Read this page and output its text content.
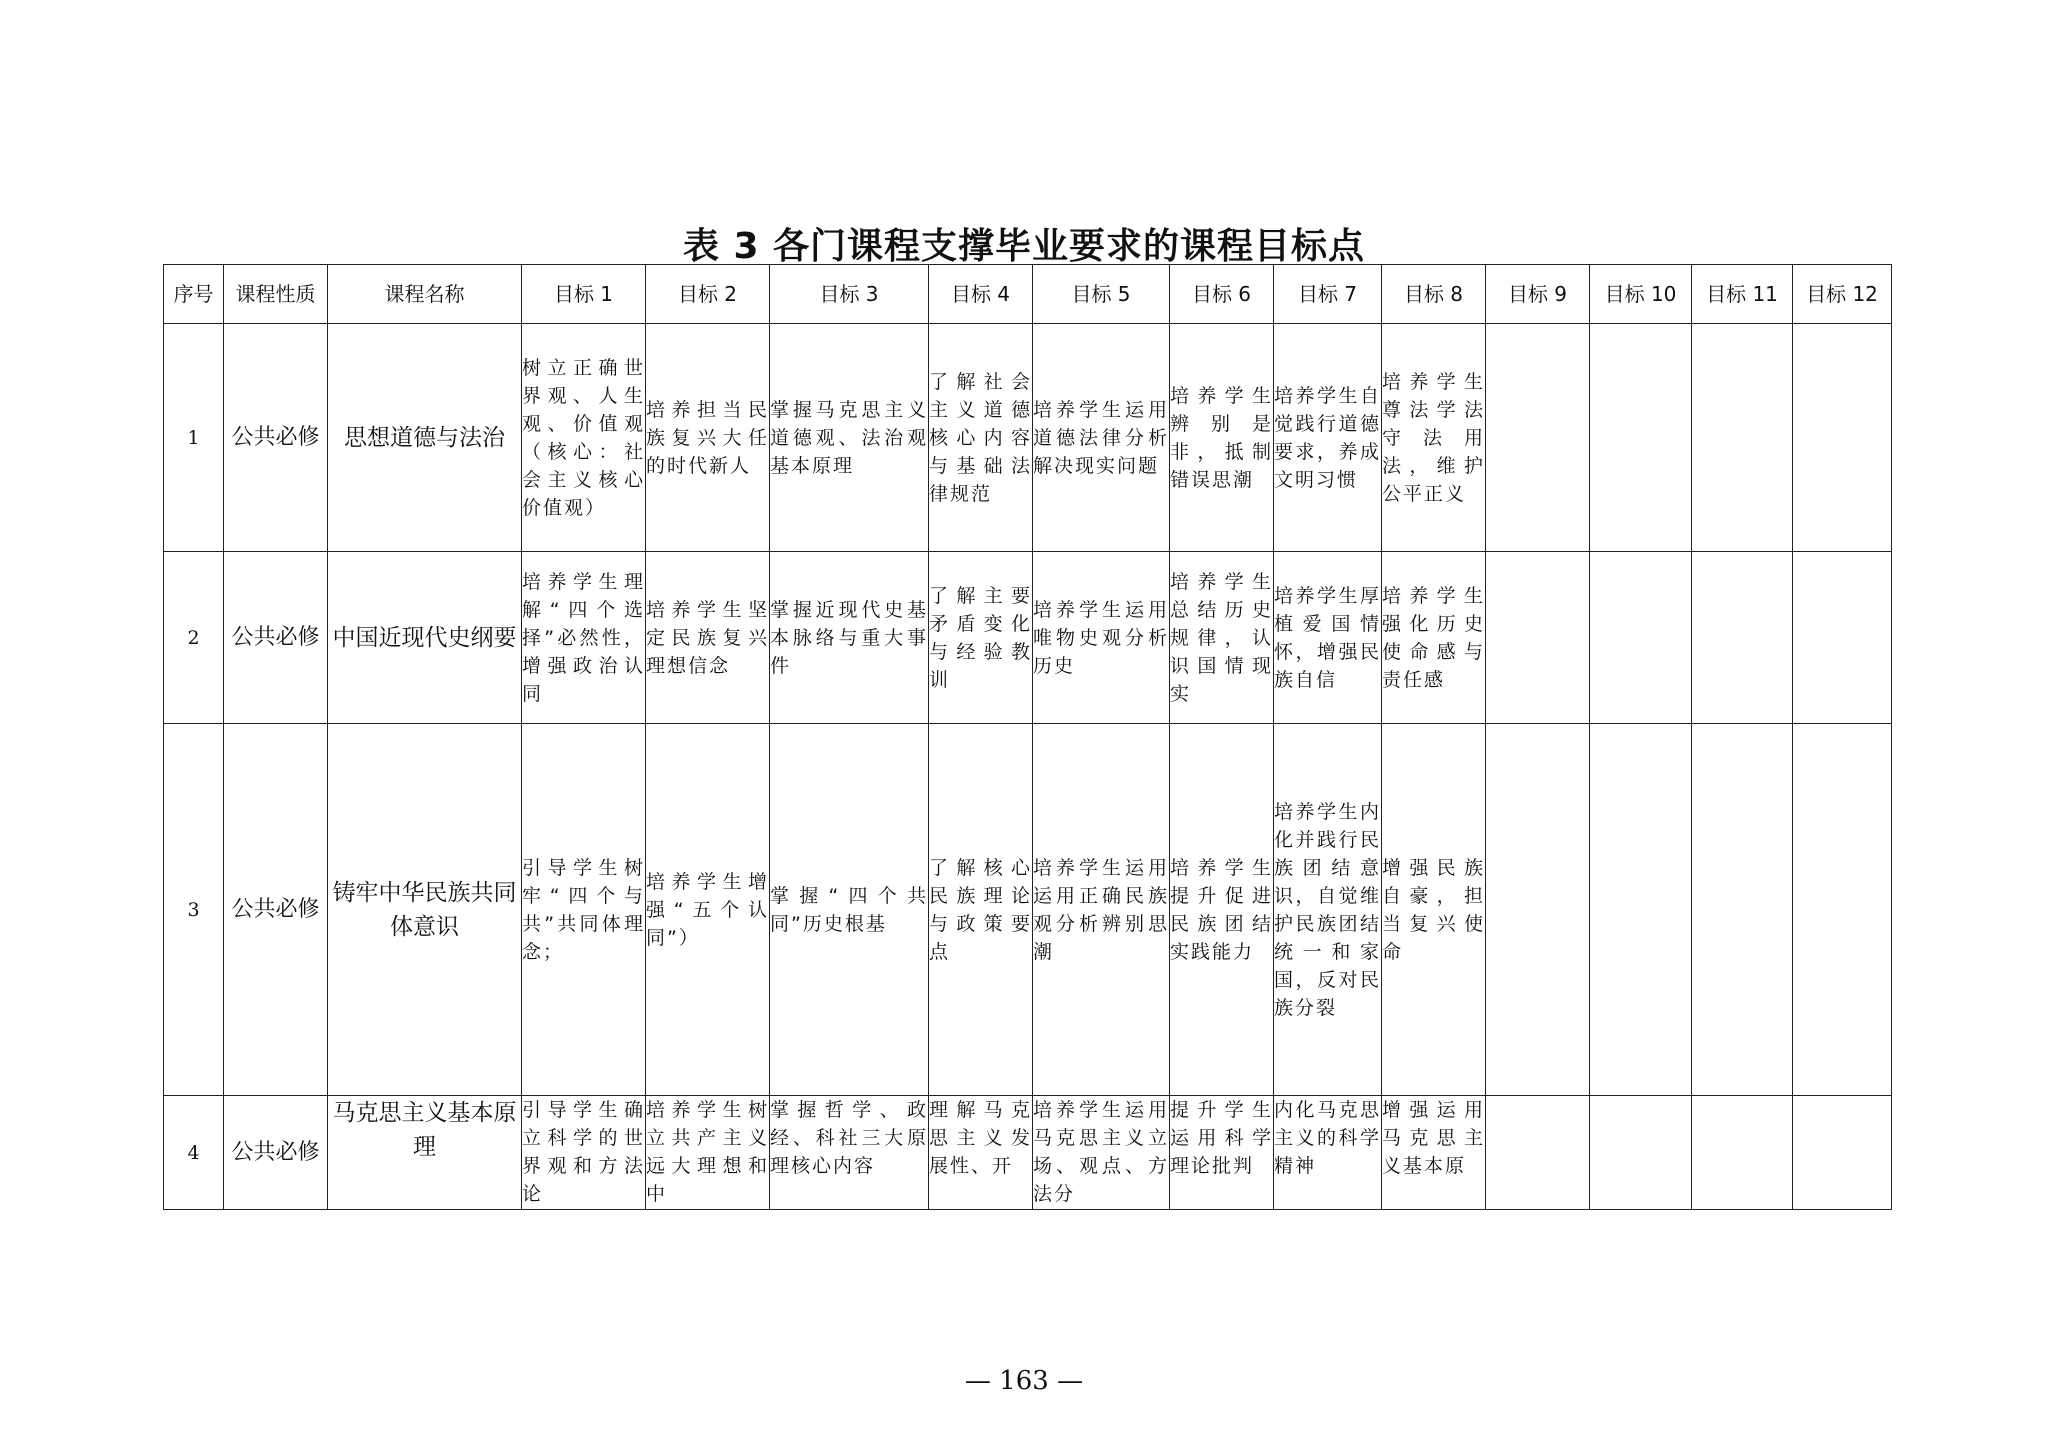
表 3 各门课程支撑毕业要求的课程目标点
序号	课程性质	课程名称	目标 1	目标 2	目标 3	目标 4	目标 5	目标 6	目标 7	目标 8	目标 9	目标 10	目标 11	目标 12
1	公共必修	思想道德与法治	树立正确世界观、人生观、价值观（核心：社会主义核心价值观）	培养担当民族复兴大任的时代新人	掌握马克思主义道德观、法治观基本原理	了解社会主义道德核心内容与基础法律规范	培养学生运用道德法律分析解决现实问题	培养学生辨别是非，抵制错误思潮	培养学生自觉践行道德要求，养成文明习惯	培养学生尊法学法守法用法，维护公平正义				
2	公共必修	中国近现代史纲要	培养学生理解“四个选择”必然性，增强政治认同	培养学生坚定民族复兴理想信念	掌握近现代史基本脉络与重大事件	了解主要矛盾变化与经验教训	培养学生运用唯物史观分析历史	培养学生总结历史规律，认识国情现实	培养学生厚植爱国情怀，增强民族自信	培养学生强化历史使命感与责任感				
3	公共必修	铸牢中华民族共同体意识	引导学生树牢“四个与共”共同体理念；	培养学生增强“五个认同”）	掌握“四个共同”历史根基	了解核心民族理论与政策要点	培养学生运用运用正确民族观分析辨别思潮	培养学生提升促进民族团结实践能力	培养学生内化并践行民族团结意识，自觉维护民族团结统一和家国，反对民族分裂	增强民族自豪，担当复兴使命				
4	公共必修	马克思主义基本原理	引导学生确立科学的世界观和方法论	培养学生树立共产主义远大理想和中	掌握哲学、政经、科社三大原理核心内容	理解马克思主义发展性、开	培养学生运用马克思主义立场、观点、方法分	提升学生运用科学理论批判	内化马克思主义的科学精神	增强运用马克思主义基本原				

— 163 —
